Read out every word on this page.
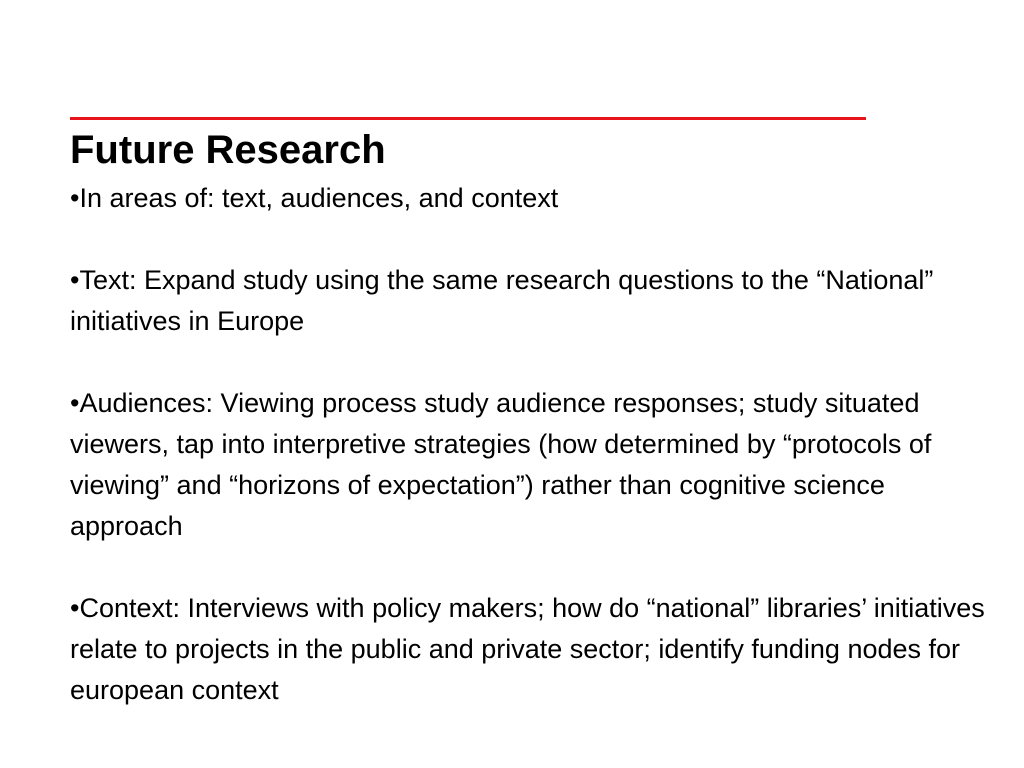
Future Research

•In areas of: text, audiences, and context

•Text: Expand study using the same research questions to the “National” initiatives in Europe

•Audiences: Viewing process study audience responses; study situated viewers, tap into interpretive strategies (how determined by “protocols of viewing” and “horizons of expectation”) rather than cognitive science approach

•Context: Interviews with policy makers; how do “national” libraries’ initiatives relate to projects in the public and private sector; identify funding nodes for european context
